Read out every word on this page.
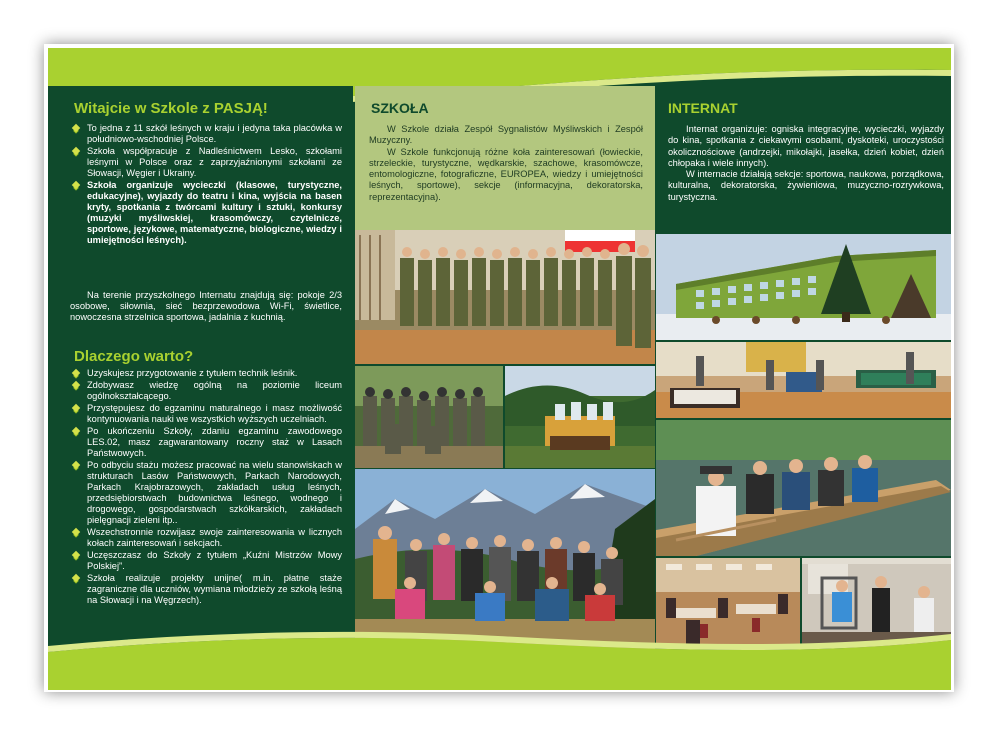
Witajcie w Szkole z PASJĄ!
To jedna z 11 szkół leśnych w kraju i jedyna taka placówka w południowo-wschodniej Polsce.
Szkoła współpracuje z Nadleśnictwem Lesko, szkołami leśnymi w Polsce oraz z zaprzyjaźnionymi szkołami ze Słowacji, Węgier i Ukrainy.
Szkoła organizuje wycieczki (klasowe, turystyczne, edukacyjne), wyjazdy do teatru i kina, wyjścia na basen kryty, spotkania z twórcami kultury i sztuki, konkursy (muzyki myśliwskiej, krasomówczy, czytelnicze, sportowe, językowe, matematyczne, biologiczne, wiedzy i umiejętności leśnych).

Na terenie przyszkolnego Internatu znajdują się: pokoje 2/3 osobowe, siłownia, sieć bezprzewodowa Wi-Fi, świetlice, nowoczesna strzelnica sportowa, jadalnia z kuchnią.

Dlaczego warto?
Uzyskujesz przygotowanie z tytułem technik leśnik.
Zdobywasz wiedzę ogólną na poziomie liceum ogólnokształcącego.
Przystępujesz do egzaminu maturalnego i masz możliwość kontynuowania nauki we wszystkich wyższych uczelniach.
Po ukończeniu Szkoły, zdaniu egzaminu zawodowego LES.02, masz zagwarantowany roczny staż w Lasach Państwowych.
Po odbyciu stażu możesz pracować na wielu stanowiskach w strukturach Lasów Państwowych, Parkach Narodowych, Parkach Krajobrazowych, zakładach usług leśnych, przedsiębiorstwach budownictwa leśnego, wodnego i drogowego, gospodarstwach szkółkarskich, zakładach pielęgnacji zieleni itp..
Wszechstronnie rozwijasz swoje zainteresowania w licznych kołach zainteresowań i sekcjach.
Uczęszczasz do Szkoły z tytułem „Kuźni Mistrzów Mowy Polskiej”.
Szkoła realizuje projekty unijne( m.in. płatne staże zagraniczne dla uczniów, wymiana młodzieży ze szkołą leśną na Słowacji i na Węgrzech).
SZKOŁA

W Szkole działa Zespół Sygnalistów Myśliwskich i Zespół Muzyczny.

W Szkole funkcjonują różne koła zainteresowań (łowieckie, strzeleckie, turystyczne, wędkarskie, szachowe, krasomówcze, entomologiczne, fotograficzne, EUROPEA, wiedzy i umiejętności leśnych, sportowe), sekcje (informacyjna, dekoratorska, reprezentacyjna).

INTERNAT

Internat organizuje: ogniska integracyjne, wycieczki, wyjazdy do kina, spotkania z ciekawymi osobami, dyskoteki, uroczystości okolicznościowe (andrzejki, mikołajki, jasełka, dzień kobiet, dzień chłopaka i wiele innych).

W internacie działają sekcje: sportowa, naukowa, porządkowa, kulturalna, dekoratorska, żywieniowa, muzyczno-rozrywkowa, turystyczna.
